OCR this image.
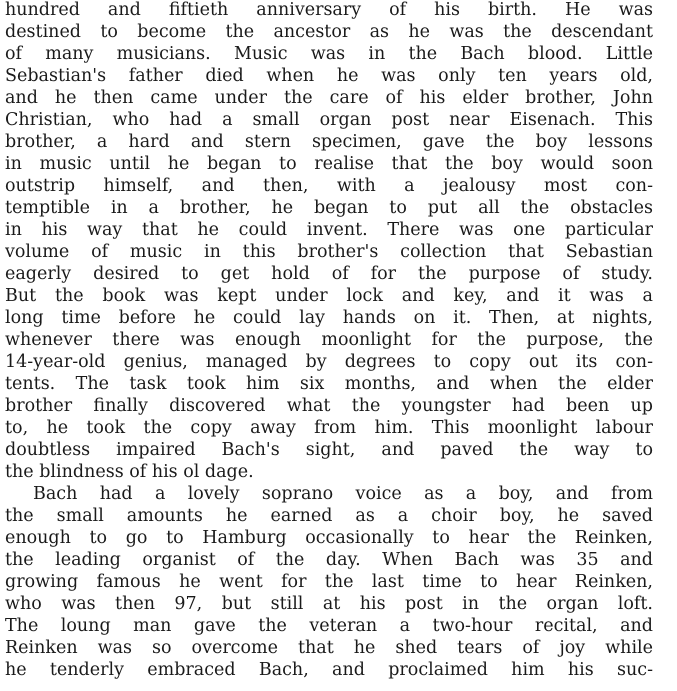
hundred and fiftieth anniversary of his birth. He was
destined to become the ancestor as he was the descendant
of many musicians. Music was in the Bach blood. Little
Sebastian's father died when he was only ten years old,
and he then came under the care of his elder brother, John
Christian, who had a small organ post near Eisenach. This
brother, a hard and stern specimen, gave the boy lessons
in music until he began to realise that the boy would soon
outstrip himself, and then, with a jealousy most con-
temptible in a brother, he began to put all the obstacles
in his way that he could invent. There was one particular
volume of music in this brother's collection that Sebastian
eagerly desired to get hold of for the purpose of study.
But the book was kept under lock and key, and it was a
long time before he could lay hands on it. Then, at nights,
whenever there was enough moonlight for the purpose, the
14-year-old genius, managed by degrees to copy out its con-
tents. The task took him six months, and when the elder
brother finally discovered what the youngster had been up
to, he took the copy away from him. This moonlight labour
doubtless impaired Bach's sight, and paved the way to
the blindness of his ol dage.
Bach had a lovely soprano voice as a boy, and from
the small amounts he earned as a choir boy, he saved
enough to go to Hamburg occasionally to hear the Reinken,
the leading organist of the day. When Bach was 35 and
growing famous he went for the last time to hear Reinken,
who was then 97, but still at his post in the organ loft.
The loung man gave the veteran a two-hour recital, and
Reinken was so overcome that he shed tears of joy while
he tenderly embraced Bach, and proclaimed him his suc-
